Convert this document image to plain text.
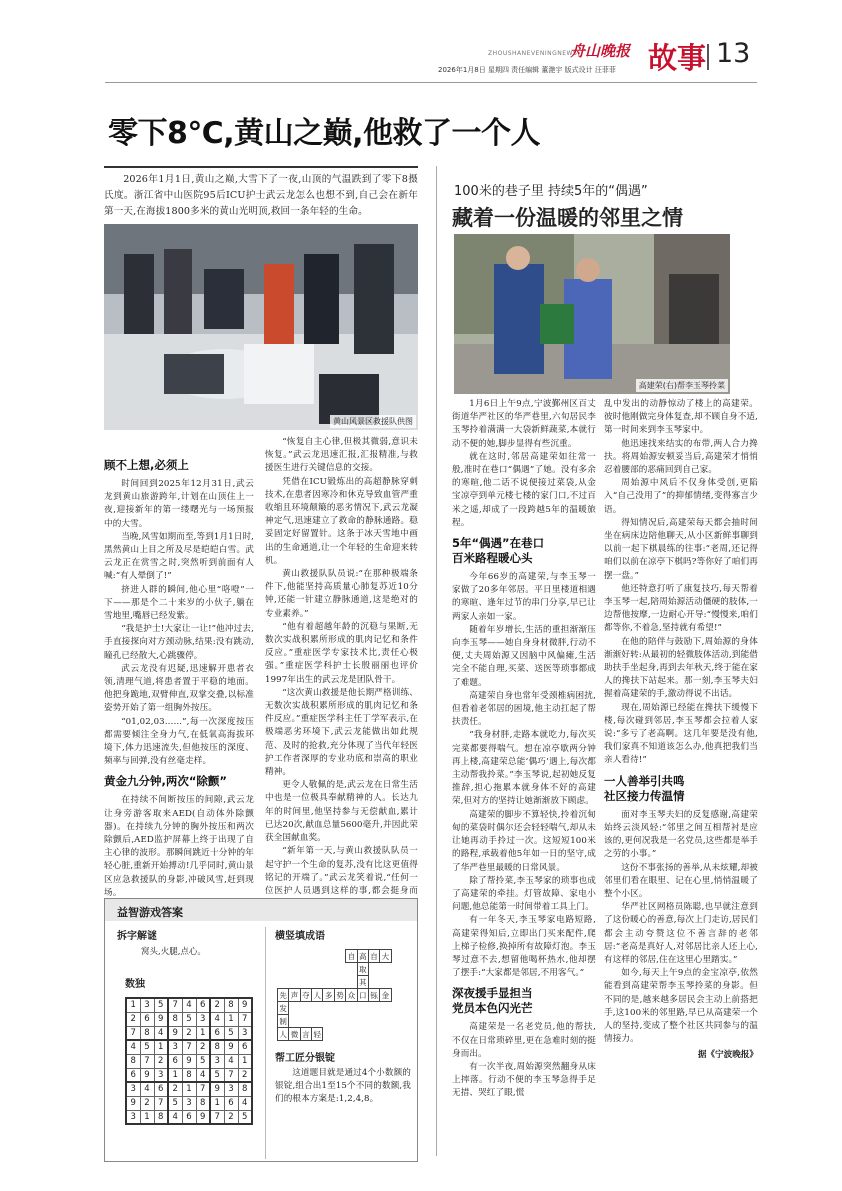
ZHOUSHANEVENINGNEWS
舟山晚报
2026年1月8日 星期四 责任编辑 董滟宇 版式设计 汪菲菲 故事 13
零下8℃,黄山之巅,他救了一个人

2026年1月1日,黄山之巅,大雪下了一夜,山顶的气温跌到了零下8摄氏度。浙江省中山医院95后ICU护士武云龙怎么也想不到,自己会在新年第一天,在海拔1800多米的黄山光明顶,救回一条年轻的生命。

黄山风景区救援队供图
顾不上想,必须上

时间回到2025年12月31日,武云龙到黄山旅游跨年,计划在山顶住上一夜,迎接新年的第一缕曙光与一场预报中的大雪。

当晚,风雪如期而至,等到1月1日时,黑然黄山上目之所及尽是皑皑白雪。武云龙正在赏雪之时,突然听到前面有人喊:“有人晕倒了!”

挤进人群的瞬间,他心里“咯噔”一下——那是个二十来岁的小伙子,躺在雪地里,嘴唇已经发紫。

“我是护士!大家让一让!”他冲过去,手直接探向对方颈动脉,结果:没有跳动,瞳孔已经散大,心跳骤停。

武云龙没有迟疑,迅速解开患者衣领,清理气道,将患者置于平稳的地面。他把身跪地,双臂伸直,双掌交叠,以标准姿势开始了第一组胸外按压。

“01,02,03……”,每一次深度按压都需要倾注全身力气,在低氧高海拔环境下,体力迅速流失,但他按压的深度、频率与回弹,没有丝毫走样。

黄金九分钟,两次“除颤”

在持续不间断按压的间隙,武云龙让身旁游客取来AED(自动体外除颤器)。在持续九分钟的胸外按压和两次除颤后,AED监护屏幕上终于出现了自主心律的波形。那瞬间跳近十分钟的年轻心脏,重新开始搏动!几乎同时,黄山景区应急救援队的身影,冲破风雪,赶到现场。

“恢复自主心律,但极其微弱,意识未恢复。”武云龙迅速汇报,汇报精准,与救援医生进行关键信息的交接。

凭借在ICU锻炼出的高超静脉穿刺技术,在患者因寒冷和休克导致血管严重收缩且环境颠簸的恶劣情况下,武云龙凝神定气,迅速建立了救命的静脉通路。稳妥固定好留置针。这条于冰天雪地中画出的生命通道,让一个年轻的生命迎来转机。

黄山救援队队员说:“在那种极端条件下,他能坚持高质量心肺复苏近10分钟,还能一针建立静脉通道,这是绝对的专业素养。”

“他有着超越年龄的沉稳与果断,无数次实战积累所形成的肌肉记忆和条件反应。”重症医学专家技术比,责任心极强。”重症医学科护士长殷丽丽也评价1997年出生的武云龙是团队骨干。

“这次黄山救援是他长期严格训练、无数次实战积累所形成的肌肉记忆和条件反应。”重症医学科主任丁学军表示,在极端恶劣环境下,武云龙能做出如此规范、及时的抢救,充分体现了当代年轻医护工作者深厚的专业功底和崇高的职业精神。

更令人敬佩的是,武云龙在日常生活中也是一位极具奉献精神的人。长达九年的时间里,他坚持参与无偿献血,累计已达20次,献血总量5600毫升,并因此荣获全国献血奖。

“新年第一天,与黄山救援队队员一起守护一个生命的复苏,没有比这更值得铭记的开端了。”武云龙笑着说,“任何一位医护人员遇到这样的事,都会挺身而

益智游戏答案
拆字解谜
窝头,火腿,点心。
数独
1	3	5	7	4	6	2	8	9
2	6	9	8	5	3	4	1	7
7	8	4	9	2	1	6	5	3
4	5	1	3	7	2	8	9	6
8	7	2	6	9	5	3	4	1
6	9	3	1	8	4	5	7	2
3	4	6	2	1	7	9	3	8
9	2	7	5	3	8	1	6	4
3	1	8	4	6	9	7	2	5
横竖填成语
						自	高	自	大			
							取					
							其					
先	声	夺	人	多	势	众	口	铄	金			
发												
制												
人	微	言	轻									
帮工匠分银锭

这道题目就是通过4个小数额的银锭,组合出1至15个不同的数额,我们的根本方案是:1,2,4,8。

100米的巷子里 持续5年的“偶遇”
藏着一份温暖的邻里之情
高建荣(右)帮李玉琴拎菜

1月6日上午9点,宁波鄞州区百丈街道华严社区的华严巷里,六旬居民李玉琴拎着满满一大袋新鲜蔬菜,本就行动不便的她,脚步显得有些沉重。

就在这时,邻居高建荣如往常一般,准时在巷口“偶遇”了她。没有多余的寒暄,他二话不说便接过菜袋,从金宝凉亭到单元楼七楼的家门口,不过百米之遥,却成了一段跨越5年的温暖旅程。

5年“偶遇”在巷口
百米路程暖心头

今年66岁的高建荣,与李玉琴一家做了20多年邻居。平日里楼道相遇的寒暄、逢年过节的串门分享,早已让两家人亲如一家。

随着年岁增长,生活的重担渐渐压向李玉琴——她自身身材微胖,行动不便,丈夫周始源又因脑中风偏瘫,生活完全不能自理,买菜、送医等琐事都成了难题。

高建荣自身也常年受颈椎病困扰,但看着老邻居的困境,他主动扛起了帮扶责任。

“我身材胖,走路本就吃力,每次买完菜都要得喘气。想在凉亭歇两分钟再上楼,高建荣总能‘偶巧’遇上,每次都主动帮我拎菜。”李玉琴说,起初她反复推辞,担心拖累本就身体不好的高建荣,但对方的坚持让她渐渐放下顾虑。

高建荣的脚步不算轻快,拎着沉甸甸的菜袋时偶尔还会轻轻喘气,却从未让她再动手拎过一次。这短短100米的路程,承载着他5年如一日的坚守,成了华严巷里最暖的日常风景。

除了帮拎菜,李玉琴家的琐事也成了高建荣的牵挂。灯管故障、家电小问题,他总能第一时间带着工具上门。

有一年冬天,李玉琴家电路短路,高建荣得知后,立即出门买来配件,爬上梯子检修,换掉所有故障灯泡。李玉琴过意不去,想留他喝杯热水,他却摆了摆手:“大家都是邻居,不用客气。”

深夜援手显担当
党员本色闪光芒

高建荣是一名老党员,他的帮扶,不仅在日常琐碎里,更在急难时刻的挺身而出。

有一次半夜,周始源突然翻身从床上摔落。行动不便的李玉琴急得手足无措、哭红了眼,慌

乱中发出的动静惊动了楼上的高建荣。彼时他刚做完身体复查,却不顾自身不适,第一时间来到李玉琴家中。

他迅速找来结实的布带,两人合力搀扶。将周始源安顿妥当后,高建荣才悄悄忍着腰部的恶痛回到自己家。

周始源中风后不仅身体受创,更陷入“自己没用了”的抑郁情绪,变得寡言少语。

得知情况后,高建荣每天都会抽时间坐在病床边陪他聊天,从小区新鲜事聊到以前一起下棋晨练的往事:“老周,还记得咱们以前在凉亭下棋吗?等你好了咱们再摆一盘。”

他还特意打听了康复技巧,每天帮着李玉琴一起,陪周始源活动僵硬的肢体,一边帮他按摩,一边耐心开导:“慢慢来,咱们都等你,不着急,坚持就有希望!”

在他的陪伴与鼓励下,周始源的身体渐渐好转:从最初的轻微肢体活动,到能借助扶手坐起身,再到去年秋天,终于能在家人的搀扶下站起来。那一刻,李玉琴夫妇握着高建荣的手,激动得说不出话。

现在,周始源已经能在搀扶下缓慢下楼,每次碰到邻居,李玉琴都会拉着人家说:“多亏了老高啊。这几年要是没有他,我们家真不知道该怎么办,他真把我们当亲人看待!”

一人善举引共鸣
社区接力传温情

面对李玉琴夫妇的反复感谢,高建荣始终云淡风轻:“邻里之间互相帮衬是应该的,更何况我是一名党员,这些都是举手之劳的小事。”

这份不事张扬的善举,从未炫耀,却被邻里们看在眼里、记在心里,悄悄温暖了整个小区。

华严社区网格员陈聪,也早就注意到了这份暖心的善意,每次上门走访,居民们都会主动夸赞这位不善言辞的老邻居:“老高是真好人,对邻居比亲人还上心,有这样的邻居,住在这里心里踏实。”

如今,每天上午9点的金宝凉亭,依然能看到高建荣帮李玉琴拎菜的身影。但不同的是,越来越多居民会主动上前搭把手,这100米的邻里路,早已从高建荣一个人的坚持,变成了整个社区共同参与的温情接力。

据《宁波晚报》
